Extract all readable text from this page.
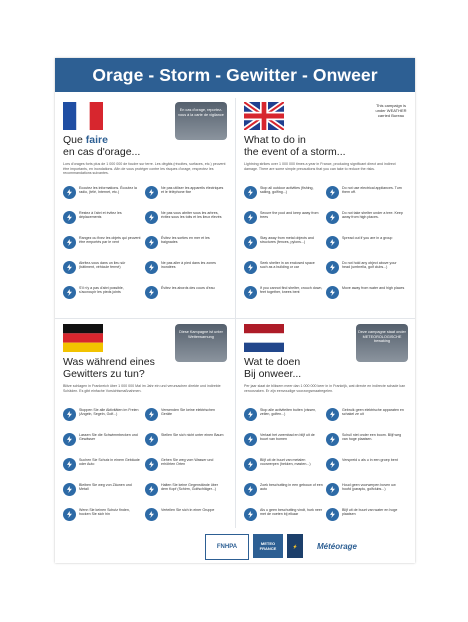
Orage - Storm - Gewitter - Onweer
Que faire
en cas d'orage...
En cas d'orage, reportez-vous à la carte de vigilance
Lors d'orages forts plus de 1 000 000 de foudre sur terre. Les dégâts (récoltes, surfaces, etc.) peuvent être importants, en inondations. Afin de vous protéger contre les risques d'orage, respectez les recommandations suivantes.
Ecoutez les informations. Écoutez la radio, (télé, Internet, etc.)
Ne pas utiliser les appareils électriques et le téléphone fixe
Restez à l'abri et évitez les déplacements
Ne pas vous abriter sous les arbres, évitez sous les toits et les lieux élevés
Rangez ou fixez les objets qui peuvent être emportés par le vent
Évitez les sorties en mer et les baignades
Abritez-vous dans un lieu sûr (bâtiment, véhicule fermé)
Ne pas aller à pied dans les zones inondées
S'il n'y a pas d'abri possible, s'accroupir les pieds joints
Évitez les abords des cours d'eau
What to do in
the event of a storm...
This campaign is under WEATHER carried Bureau
Lightning strikes over 1 000 000 times a year in France, producing significant direct and indirect damage. There are some simple precautions that you can take to reduce the risks.
Stop all outdoor activities (fishing, sailing, golfing...)
Do not use electrical appliances. Turn them off.
Secure the pool and keep away from trees
Do not take shelter under a tree. Keep away from high places.
Stay away from metal objects and structures (fences, pylons...)
Spread out if you are in a group
Seek shelter in an enclosed space such as a building or car
Do not hold any object above your head (umbrella, golf clubs...)
If you cannot find shelter, crouch down, feet together, knees bent
Move away from water and high places
Was während eines
Gewitters zu tun?
Diese Kampagne ist unter Wetterwarnung
Blitze schlagen in Frankreich über 1 000 000 Mal im Jahr ein und verursachen direkte und indirekte Schäden. Es gibt einfache Vorsichtsmaßnahmen.
Stoppen Sie alle Aktivitäten im Freien (Angeln, Segeln, Golf...)
Verwenden Sie keine elektrischen Geräte
Lassen Sie die Schwimmbecken und Gewässer
Stellen Sie sich nicht unter einen Baum
Suchen Sie Schutz in einem Gebäude oder Auto
Gehen Sie weg vom Wasser und erhöhten Orten
Bleiben Sie weg von Zäunen und Metall
Halten Sie keine Gegenstände über dem Kopf (Schirm, Golfschläger...)
Wenn Sie keinen Schutz finden, hocken Sie sich hin
Verteilen Sie sich in einer Gruppe
Wat te doen
Bij onweer...
Deze campagne staat onder METEOROLOGISCHE bewaking
Per jaar slaat de bliksem meer dan 1 000 000 keer in in Frankrijk, wat directe en indirecte schade kan veroorzaken. Er zijn eenvoudige voorzorgsmaatregelen.
Stop alle activiteiten buiten (vissen, zeilen, golfen...)
Gebruik geen elektrische apparaten en schakel ze uit
Verlaat het zwembad en blijf uit de buurt van bomen
Schuil niet onder een boom. Blijf weg van hoge plaatsen.
Blijf uit de buurt van metalen voorwerpen (hekken, masten...)
Verspreid u als u in een groep bent
Zoek beschutting in een gebouw of een auto
Houd geen voorwerpen boven uw hoofd (paraplu, golfclubs...)
Als u geen beschutting vindt, hurk neer met de voeten bij elkaar
Blijf uit de buurt van water en hoge plaatsen
FNHPA
METEO FRANCE	⚡	Météorage
